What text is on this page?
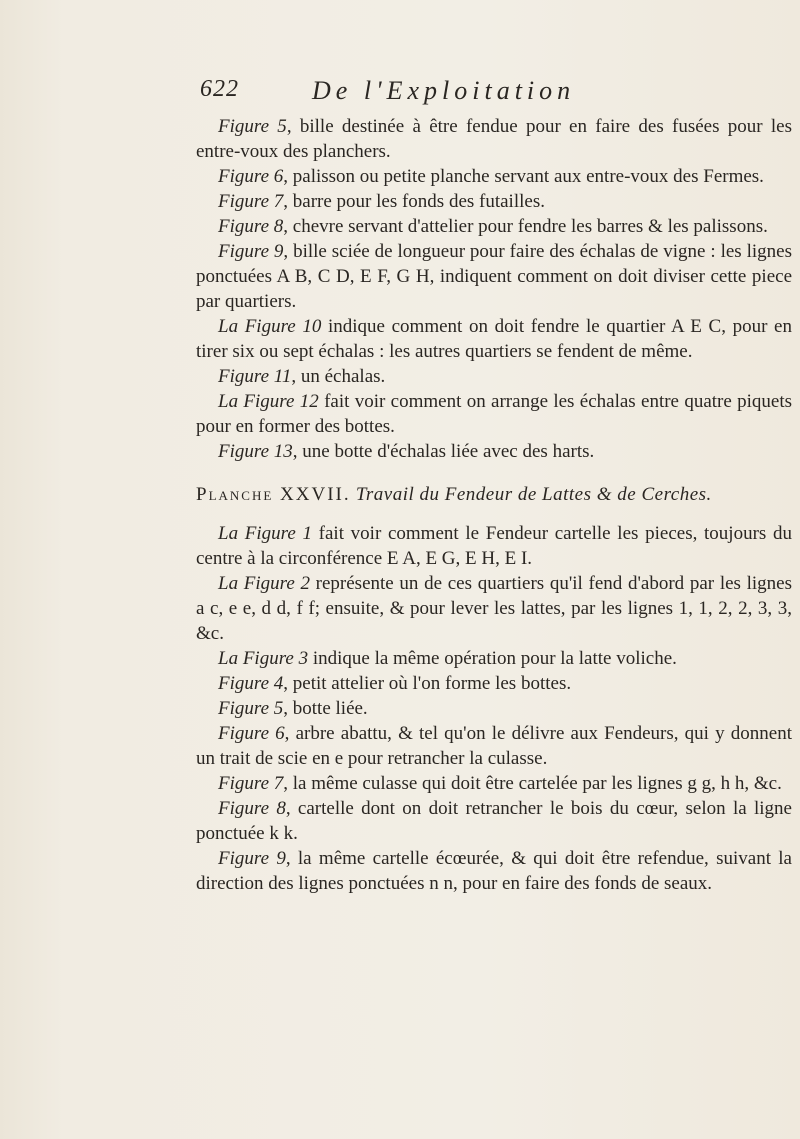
622	De l'Exploitation

Figure 5, bille destinée à être fendue pour en faire des fusées pour les entre-voux des planchers.

Figure 6, palisson ou petite planche servant aux entre-voux des Fermes.

Figure 7, barre pour les fonds des futailles.

Figure 8, chevre servant d'attelier pour fendre les barres & les palissons.

Figure 9, bille sciée de longueur pour faire des échalas de vigne : les lignes ponctuées A B, C D, E F, G H, indiquent comment on doit diviser cette piece par quartiers.

La Figure 10 indique comment on doit fendre le quartier A E C, pour en tirer six ou sept échalas : les autres quartiers se fendent de même.

Figure 11, un échalas.

La Figure 12 fait voir comment on arrange les échalas entre quatre piquets pour en former des bottes.

Figure 13, une botte d'échalas liée avec des harts.

Planche XXVII. Travail du Fendeur de Lattes & de Cerches.

La Figure 1 fait voir comment le Fendeur cartelle les pieces, toujours du centre à la circonférence E A, E G, E H, E I.

La Figure 2 représente un de ces quartiers qu'il fend d'abord par les lignes a c, e e, d d, f f; ensuite, & pour lever les lattes, par les lignes 1, 1, 2, 2, 3, 3, &c.

La Figure 3 indique la même opération pour la latte voliche.

Figure 4, petit attelier où l'on forme les bottes.

Figure 5, botte liée.

Figure 6, arbre abattu, & tel qu'on le délivre aux Fendeurs, qui y donnent un trait de scie en e pour retrancher la culasse.

Figure 7, la même culasse qui doit être cartelée par les lignes g g, h h, &c.

Figure 8, cartelle dont on doit retrancher le bois du cœur, selon la ligne ponctuée k k.

Figure 9, la même cartelle écœurée, & qui doit être refendue, suivant la direction des lignes ponctuées n n, pour en faire des fonds de seaux.
